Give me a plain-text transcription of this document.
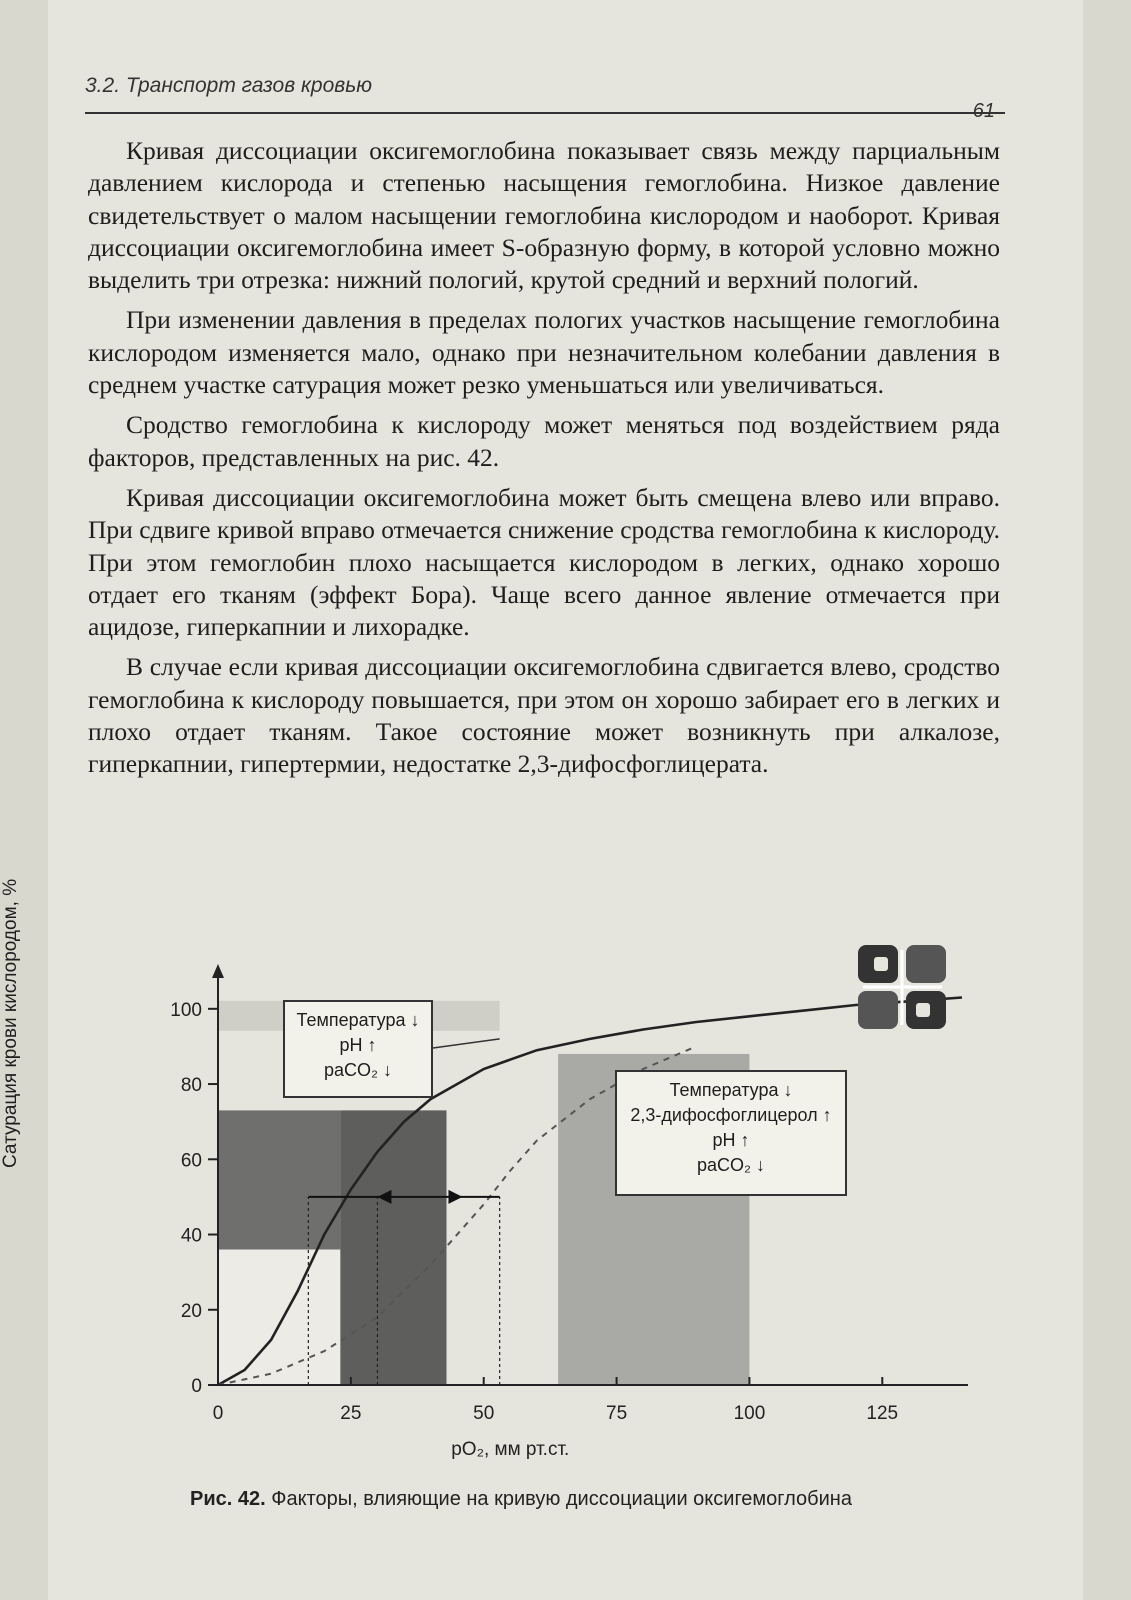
3.2. Транспорт газов кровью
61

Кривая диссоциации оксигемоглобина показывает связь между парциальным давлением кислорода и степенью насыщения гемоглобина. Низкое давление свидетельствует о малом насыщении гемоглобина кислородом и наоборот. Кривая диссоциации оксигемоглобина имеет S-образную форму, в которой условно можно выделить три отрезка: нижний пологий, крутой средний и верхний пологий.

При изменении давления в пределах пологих участков насыщение гемоглобина кислородом изменяется мало, однако при незначительном колебании давления в среднем участке сатурация может резко уменьшаться или увеличиваться.

Сродство гемоглобина к кислороду может меняться под воздействием ряда факторов, представленных на рис. 42.

Кривая диссоциации оксигемоглобина может быть смещена влево или вправо. При сдвиге кривой вправо отмечается снижение сродства гемоглобина к кислороду. При этом гемоглобин плохо насыщается кислородом в легких, однако хорошо отдает его тканям (эффект Бора). Чаще всего данное явление отмечается при ацидозе, гиперкапнии и лихорадке.

В случае если кривая диссоциации оксигемоглобина сдвигается влево, сродство гемоглобина к кислороду повышается, при этом он хорошо забирает его в легких и плохо отдает тканям. Такое состояние может возникнуть при алкалозе, гиперкапнии, гипертермии, недостатке 2,3-дифосфоглицерата.

0
20
40
60
80
100
0	25	50	75	100	125
pO₂, мм рт.ст.
Сатурация крови кислородом, %	Температура ↓
pH ↑
paCO₂ ↓
Температура ↓
2,3-дифосфоглицерол ↑
pH ↑
paCO₂ ↓
Рис. 42. Факторы, влияющие на кривую диссоциации оксигемоглобина
